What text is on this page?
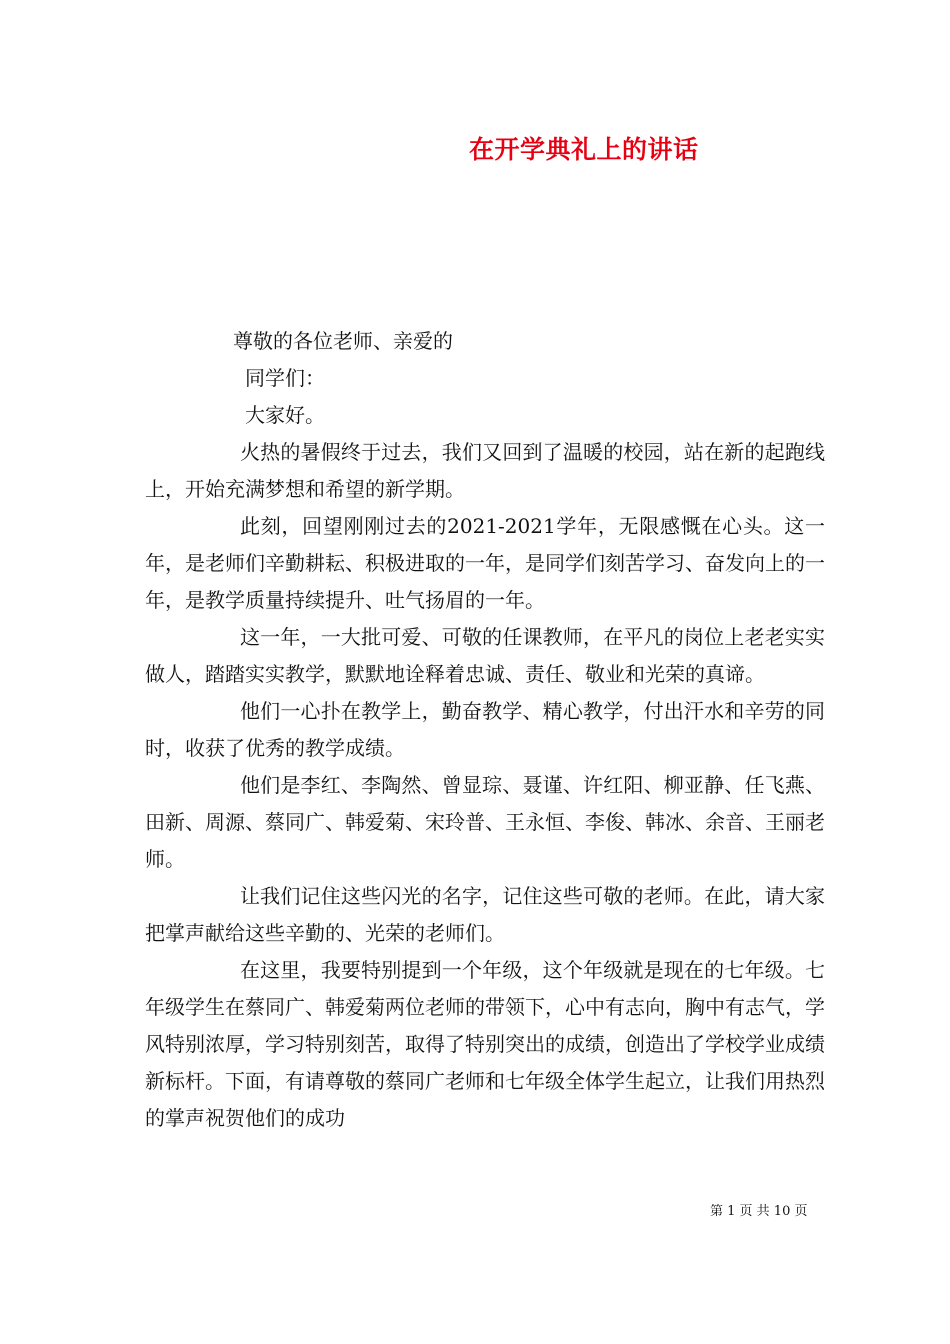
在开学典礼上的讲话

尊敬的各位老师、亲爱的

同学们：

大家好。

火热的暑假终于过去，我们又回到了温暖的校园，站在新的起跑线上，开始充满梦想和希望的新学期。

此刻，回望刚刚过去的2021-2021学年，无限感慨在心头。这一年，是老师们辛勤耕耘、积极进取的一年，是同学们刻苦学习、奋发向上的一年，是教学质量持续提升、吐气扬眉的一年。

这一年，一大批可爱、可敬的任课教师，在平凡的岗位上老老实实做人，踏踏实实教学，默默地诠释着忠诚、责任、敬业和光荣的真谛。

他们一心扑在教学上，勤奋教学、精心教学，付出汗水和辛劳的同时，收获了优秀的教学成绩。

他们是李红、李陶然、曾显琮、聂谨、许红阳、柳亚静、任飞燕、田新、周源、蔡同广、韩爱菊、宋玲普、王永恒、李俊、韩冰、余音、王丽老师。

让我们记住这些闪光的名字，记住这些可敬的老师。在此，请大家把掌声献给这些辛勤的、光荣的老师们。

在这里，我要特别提到一个年级，这个年级就是现在的七年级。七年级学生在蔡同广、韩爱菊两位老师的带领下，心中有志向，胸中有志气，学风特别浓厚，学习特别刻苦，取得了特别突出的成绩，创造出了学校学业成绩新标杆。下面，有请尊敬的蔡同广老师和七年级全体学生起立，让我们用热烈的掌声祝贺他们的成功

第 1 页 共 10 页
